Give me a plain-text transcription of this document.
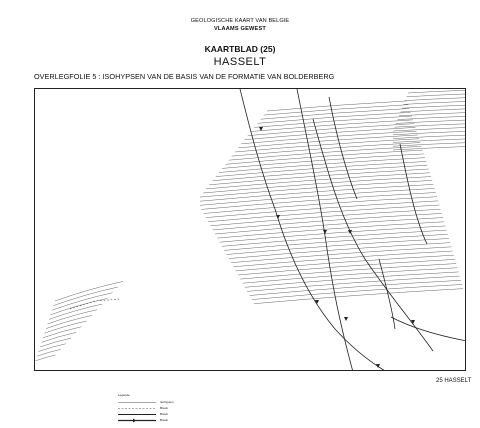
GEOLOGISCHE KAART VAN BELGIE
VLAAMS GEWEST
KAARTBLAD (25)
HASSELT
OVERLEGFOLIE 5 : ISOHYPSEN VAN DE BASIS VAN DE FORMATIE VAN BOLDERBERG
25 HASSELT
Legende
Isohypsen
Breuk
Breuk
Breuk
